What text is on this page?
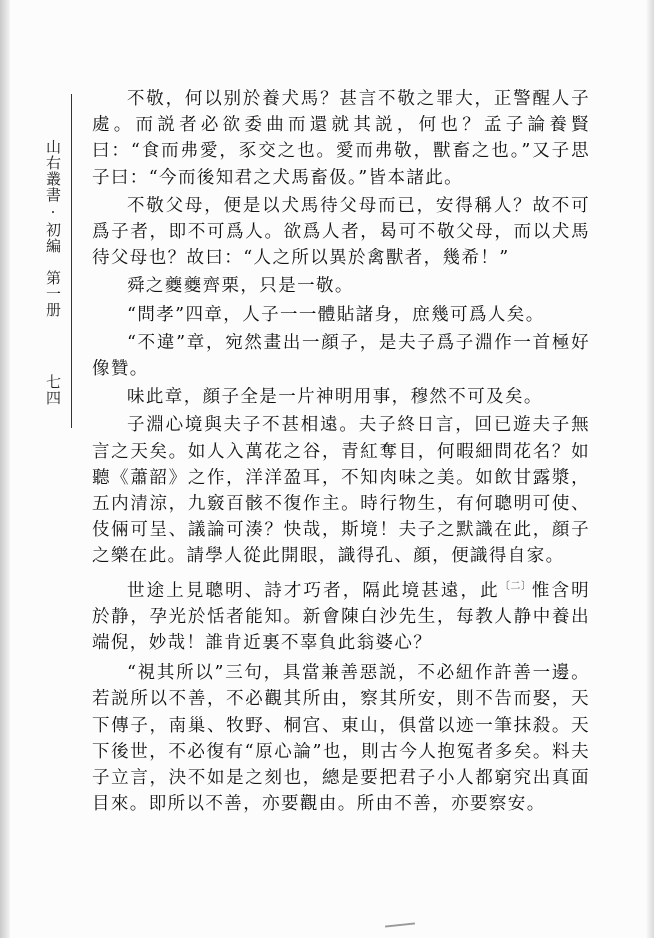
山右叢書·初編　第一册
七四

不敬，何以别於養犬馬？甚言不敬之罪大，正警醒人子處。而説者必欲委曲而還就其説，何也？孟子論養賢曰：“食而弗愛，豕交之也。愛而弗敬，獸畜之也。”又子思子曰：“今而後知君之犬馬畜伋。”皆本諸此。

不敬父母，便是以犬馬待父母而已，安得稱人？故不可爲子者，即不可爲人。欲爲人者，曷可不敬父母，而以犬馬待父母也？故曰：“人之所以異於禽獸者，幾希！”

舜之夔夔齊栗，只是一敬。

“問孝”四章，人子一一體貼諸身，庶幾可爲人矣。

“不違”章，宛然畫出一顔子，是夫子爲子淵作一首極好像贊。

味此章，顔子全是一片神明用事，穆然不可及矣。

子淵心境與夫子不甚相遠。夫子終日言，回已遊夫子無言之天矣。如人入萬花之谷，青紅奪目，何暇細問花名？如聽《蕭韶》之作，洋洋盈耳，不知肉味之美。如飲甘露漿，五内清涼，九竅百骸不復作主。時行物生，有何聰明可使、伎倆可呈、議論可湊？快哉，斯境！夫子之默識在此，顔子之樂在此。請學人從此開眼，識得孔、顔，便識得自家。

世途上見聰明、詩才巧者，隔此境甚遠，此$^{〔二〕}$惟含明於静，孕光於恬者能知。新會陳白沙先生，每教人静中養出端倪，妙哉！誰肯近裏不辜負此翁婆心？

“視其所以”三句，具當兼善惡説，不必紐作許善一邊。若説所以不善，不必觀其所由，察其所安，則不告而娶，天下傳子，南巢、牧野、桐宫、東山，俱當以迹一筆抹殺。天下後世，不必復有“原心論”也，則古今人抱冤者多矣。料夫子立言，決不如是之刻也，總是要把君子小人都窮究出真面目來。即所以不善，亦要觀由。所由不善，亦要察安。
